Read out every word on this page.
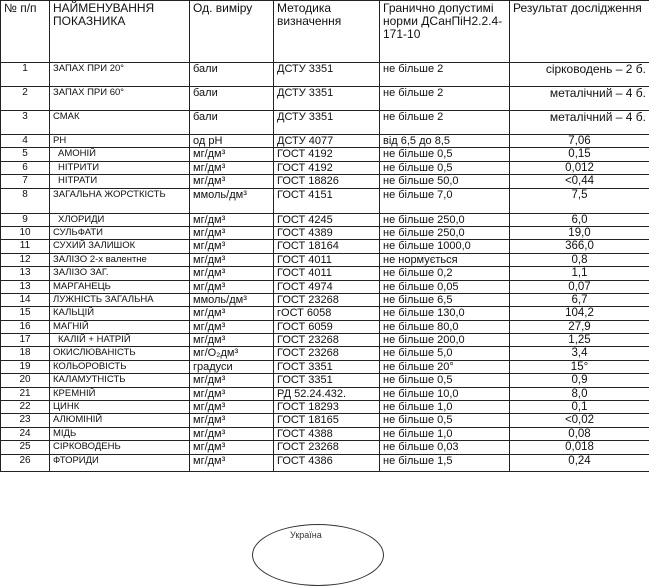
№ п/п	НАЙМЕНУВАННЯ ПОКАЗНИКА	Од. виміру	Методика визначення	Гранично допустимі норми ДСанПіН2.2.4-171-10	Результат дослідження
1	ЗАПАХ ПРИ 20°	бали	ДСТУ 3351	не більше 2	сірководень – 2 б.
2	ЗАПАХ ПРИ 60°	бали	ДСТУ 3351	не більше 2	металічний – 4 б.
3	СМАК	бали	ДСТУ 3351	не більше 2	металічний – 4 б.
4	РН	од рН	ДСТУ 4077	від 6,5 до 8,5	7,06
5	АМОНІЙ	мг/дм³	ГОСТ 4192	не більше 0,5	0,15
6	НІТРИТИ	мг/дм³	ГОСТ 4192	не більше 0,5	0,012
7	НІТРАТИ	мг/дм³	ГОСТ 18826	не більше 50,0	<0,44
8	ЗАГАЛЬНА ЖОРСТКІСТЬ	ммоль/дм³	ГОСТ 4151	не більше 7,0	7,5
9	ХЛОРИДИ	мг/дм³	ГОСТ 4245	не більше 250,0	6,0
10	СУЛЬФАТИ	мг/дм³	ГОСТ 4389	не більше 250,0	19,0
11	СУХИЙ ЗАЛИШОК	мг/дм³	ГОСТ 18164	не більше 1000,0	366,0
12	ЗАЛІЗО 2-х валентне	мг/дм³	ГОСТ 4011	не нормується	0,8
13	ЗАЛІЗО ЗАГ.	мг/дм³	ГОСТ 4011	не більше 0,2	1,1
13	МАРГАНЕЦЬ	мг/дм³	ГОСТ 4974	не більше 0,05	0,07
14	ЛУЖНІСТЬ ЗАГАЛЬНА	ммоль/дм³	ГОСТ 23268	не більше 6,5	6,7
15	КАЛЬЦІЙ	мг/дм³	гОСТ 6058	не більше 130,0	104,2
16	МАГНІЙ	мг/дм³	ГОСТ 6059	не більше 80,0	27,9
17	КАЛІЙ + НАТРІЙ	мг/дм³	ГОСТ 23268	не більше 200,0	1,25
18	ОКИСЛЮВАНІСТЬ	мг/О₂дм³	ГОСТ 23268	не більше 5,0	3,4
19	КОЛЬОРОВІСТЬ	градуси	ГОСТ 3351	не більше 20°	15°
20	КАЛАМУТНІСТЬ	мг/дм³	ГОСТ 3351	не більше 0,5	0,9
21	КРЕМНІЙ	мг/дм³	РД 52.24.432.	не більше 10,0	8,0
22	ЦИНК	мг/дм³	ГОСТ 18293	не більше 1,0	0,1
23	АЛЮМІНІЙ	мг/дм³	ГОСТ 18165	не більше 0,5	<0,02
24	МІДЬ	мг/дм³	ГОСТ 4388	не більше 1,0	0,08
25	СІРКОВОДЕНЬ	мг/дм³	ГОСТ 23268	не більше 0,03	0,018
26	ФТОРИДИ	мг/дм³	ГОСТ 4386	не більше 1,5	0,24
Україна
